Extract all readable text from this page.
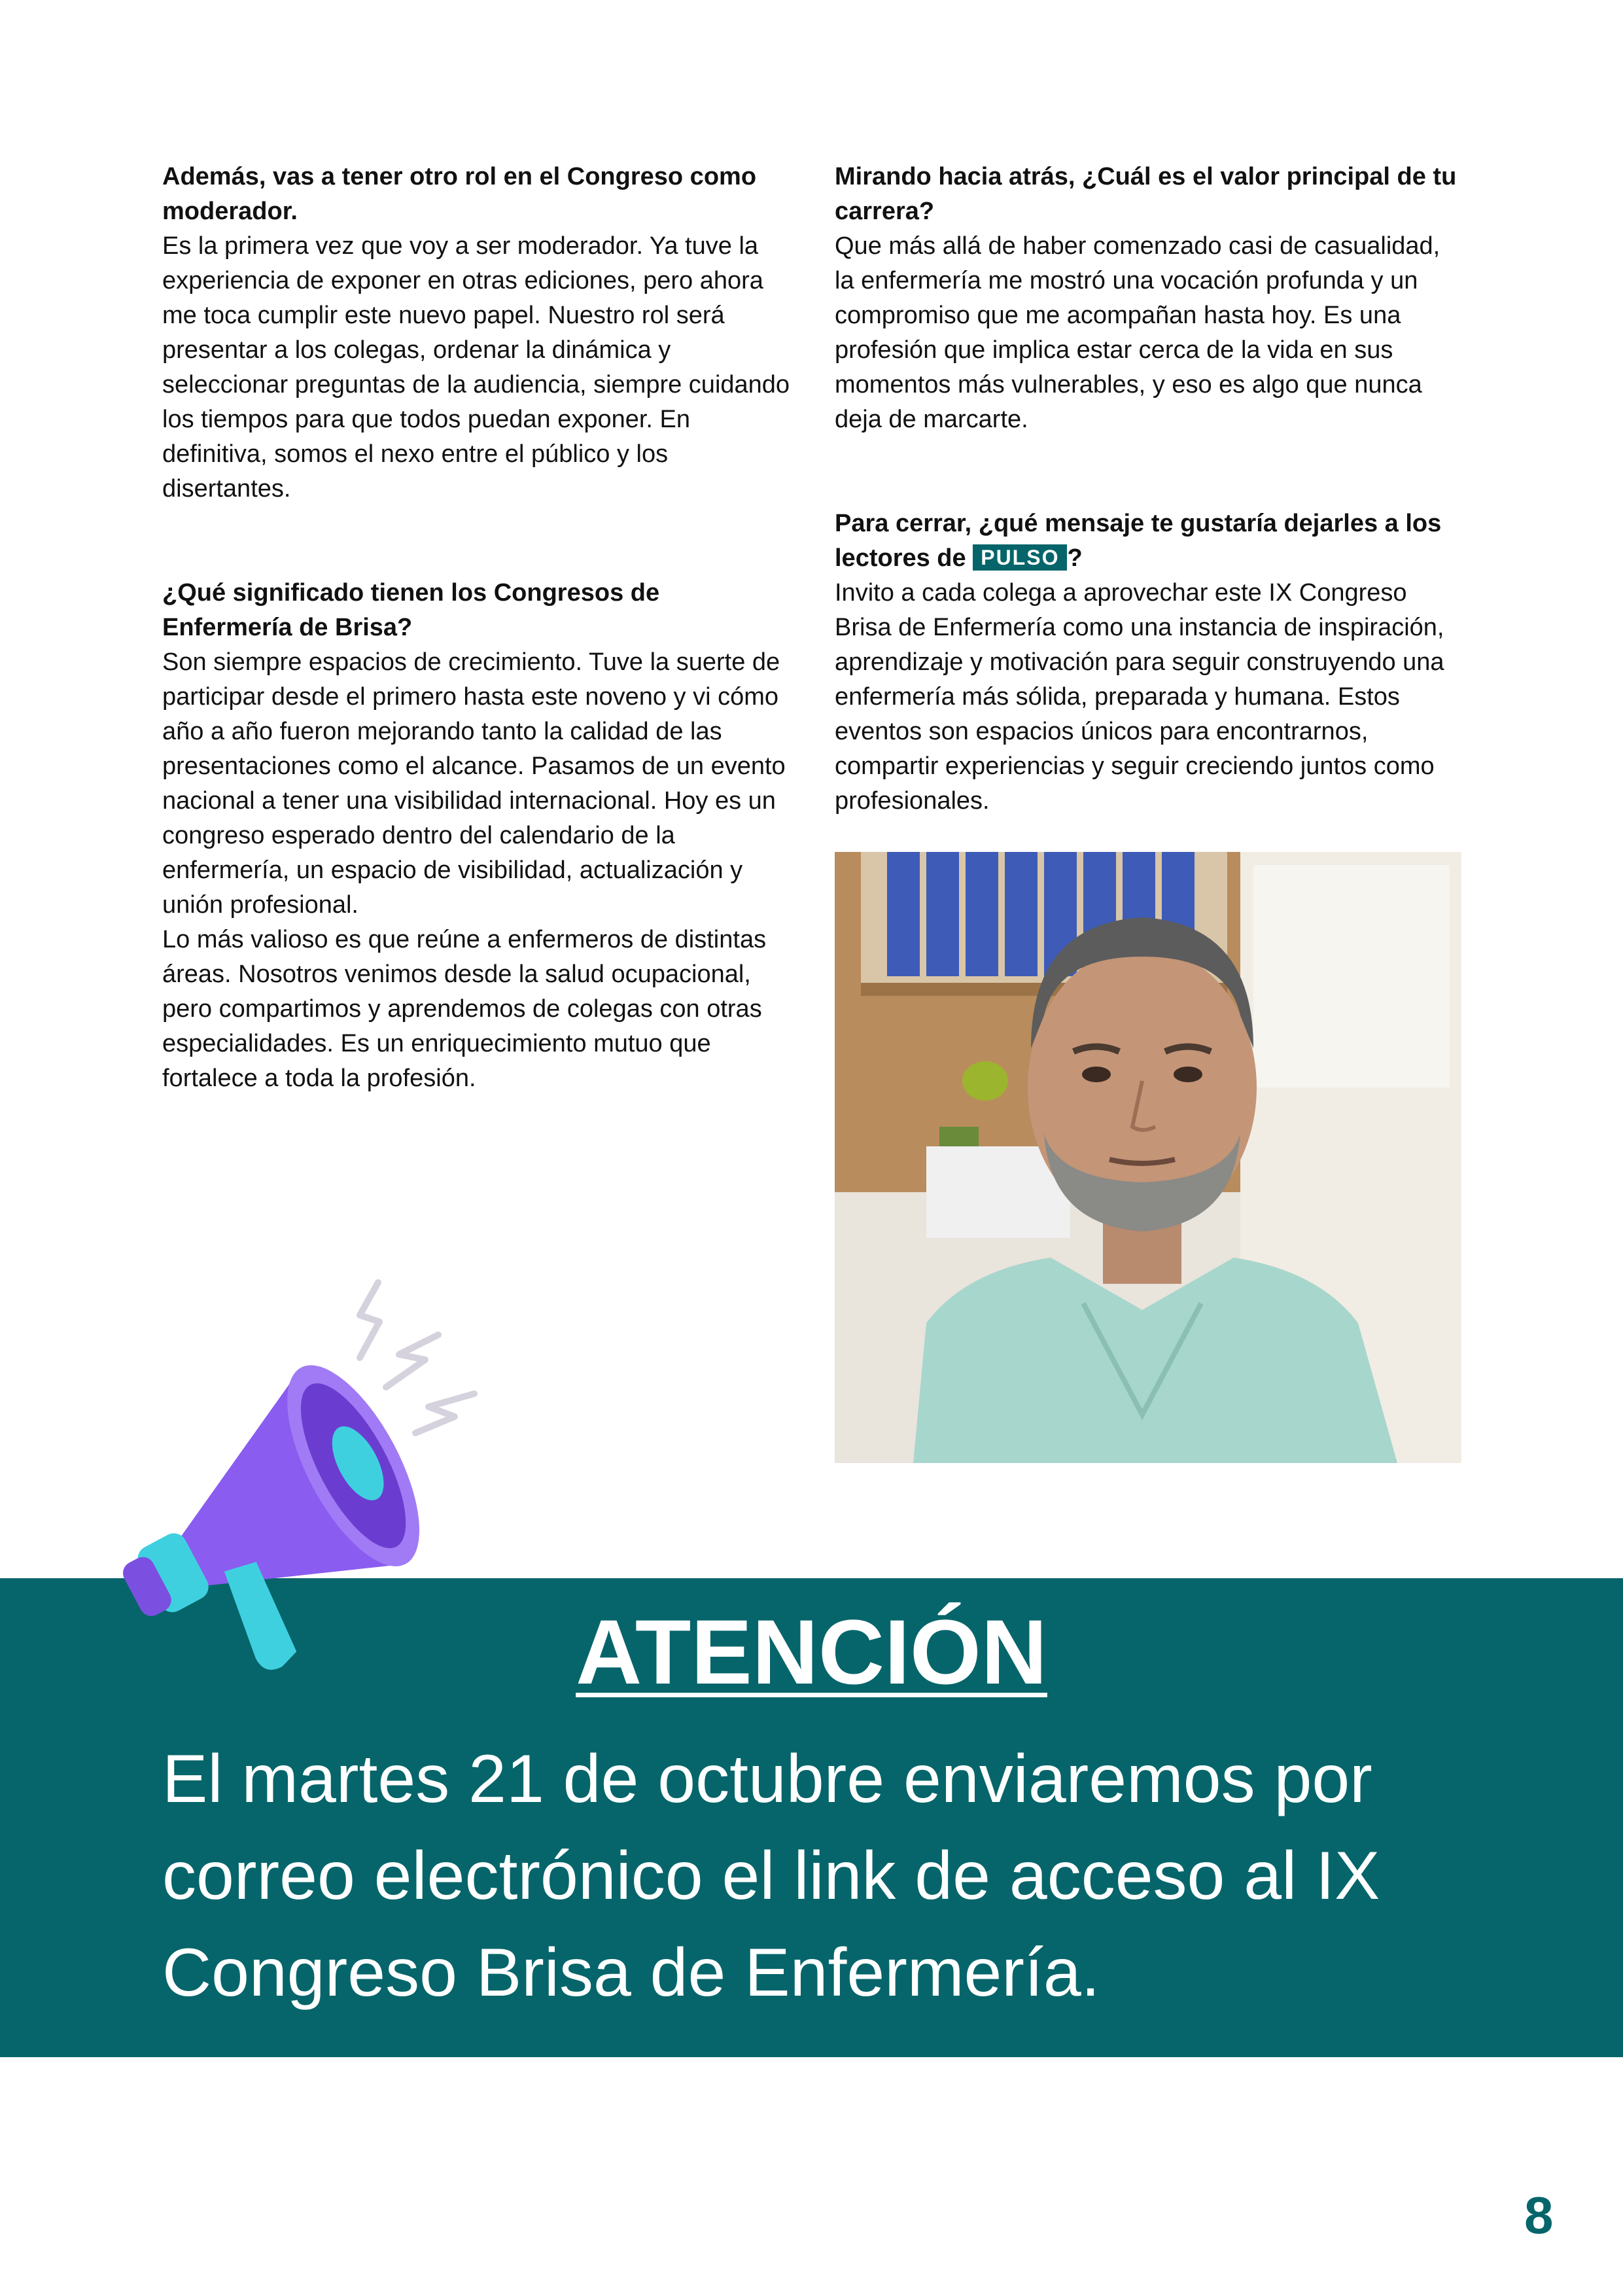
Además, vas a tener otro rol en el Congreso como moderador.

Es la primera vez que voy a ser moderador. Ya tuve la experiencia de exponer en otras ediciones, pero ahora me toca cumplir este nuevo papel. Nuestro rol será presentar a los colegas, ordenar la dinámica y seleccionar preguntas de la audiencia, siempre cuidando los tiempos para que todos puedan exponer. En definitiva, somos el nexo entre el público y los disertantes.

¿Qué significado tienen los Congresos de Enfermería de Brisa?

Son siempre espacios de crecimiento. Tuve la suerte de participar desde el primero hasta este noveno y vi cómo año a año fueron mejorando tanto la calidad de las presentaciones como el alcance. Pasamos de un evento nacional a tener una visibilidad internacional. Hoy es un congreso esperado dentro del calendario de la enfermería, un espacio de visibilidad, actualización y unión profesional.

Lo más valioso es que reúne a enfermeros de distintas áreas. Nosotros venimos desde la salud ocupacional, pero compartimos y aprendemos de colegas con otras especialidades. Es un enriquecimiento mutuo que fortalece a toda la profesión.

Mirando hacia atrás, ¿Cuál es el valor principal de tu carrera?

Que más allá de haber comenzado casi de casualidad, la enfermería me mostró una vocación profunda y un compromiso que me acompañan hasta hoy. Es una profesión que implica estar cerca de la vida en sus momentos más vulnerables, y eso es algo que nunca deja de marcarte.

Para cerrar, ¿qué mensaje te gustaría dejarles a los lectores de PULSO ?

Invito a cada colega a aprovechar este IX Congreso Brisa de Enfermería como una instancia de inspiración, aprendizaje y motivación para seguir construyendo una enfermería más sólida, preparada y humana. Estos eventos son espacios únicos para encontrarnos, compartir experiencias y seguir creciendo juntos como profesionales.

ATENCIÓN
El martes 21 de octubre enviaremos por correo electrónico el link de acceso al IX Congreso Brisa de Enfermería.
8
